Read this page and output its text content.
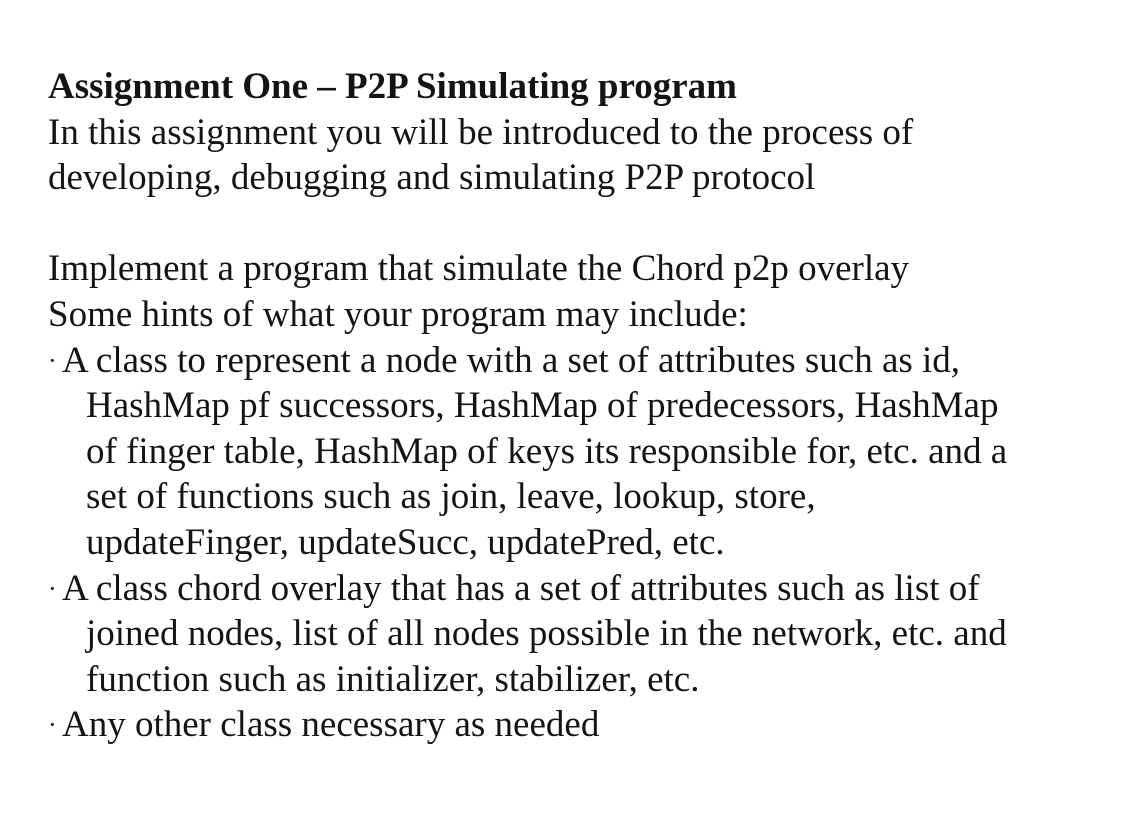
Assignment One – P2P Simulating program
In this assignment you will be introduced to the process of
developing, debugging and simulating P2P protocol
Implement a program that simulate the Chord p2p overlay
Some hints of what your program may include:
· A class to represent a node with a set of attributes such as id,
HashMap pf successors, HashMap of predecessors, HashMap
of finger table, HashMap of keys its responsible for, etc. and a
set of functions such as join, leave, lookup, store,
updateFinger, updateSucc, updatePred, etc.
· A class chord overlay that has a set of attributes such as list of
joined nodes, list of all nodes possible in the network, etc. and
function such as initializer, stabilizer, etc.
· Any other class necessary as needed
